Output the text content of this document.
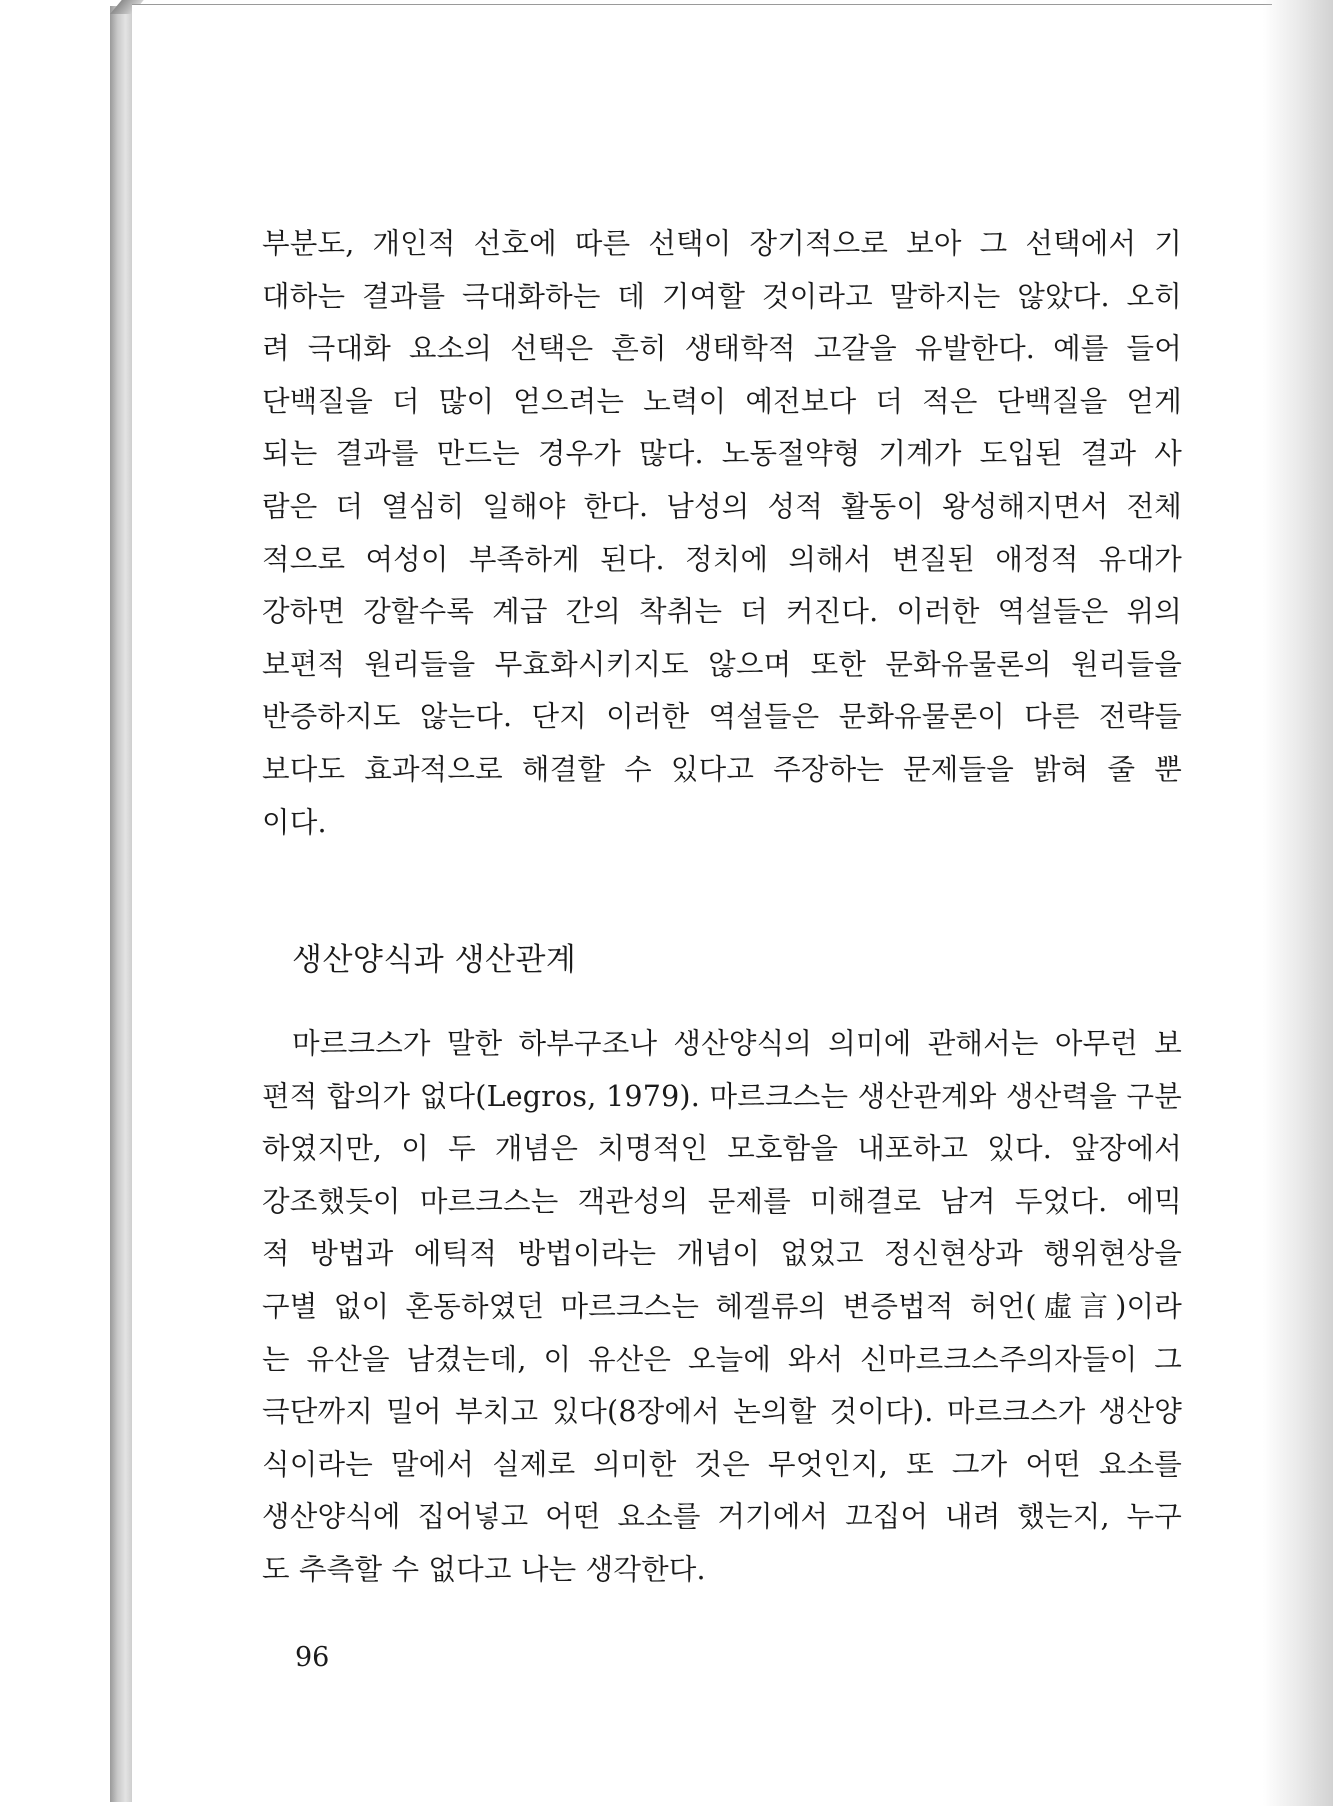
부분도, 개인적 선호에 따른 선택이 장기적으로 보아 그 선택에서 기
대하는 결과를 극대화하는 데 기여할 것이라고 말하지는 않았다. 오히
려 극대화 요소의 선택은 흔히 생태학적 고갈을 유발한다. 예를 들어
단백질을 더 많이 얻으려는 노력이 예전보다 더 적은 단백질을 얻게
되는 결과를 만드는 경우가 많다. 노동절약형 기계가 도입된 결과 사
람은 더 열심히 일해야 한다. 남성의 성적 활동이 왕성해지면서 전체
적으로 여성이 부족하게 된다. 정치에 의해서 변질된 애정적 유대가
강하면 강할수록 계급 간의 착취는 더 커진다. 이러한 역설들은 위의
보편적 원리들을 무효화시키지도 않으며 또한 문화유물론의 원리들을
반증하지도 않는다. 단지 이러한 역설들은 문화유물론이 다른 전략들
보다도 효과적으로 해결할 수 있다고 주장하는 문제들을 밝혀 줄 뿐
이다.
생산양식과 생산관계
마르크스가 말한 하부구조나 생산양식의 의미에 관해서는 아무런 보
편적 합의가 없다(Legros, 1979). 마르크스는 생산관계와 생산력을 구분
하였지만, 이 두 개념은 치명적인 모호함을 내포하고 있다. 앞장에서
강조했듯이 마르크스는 객관성의 문제를 미해결로 남겨 두었다. 에믹
적 방법과 에틱적 방법이라는 개념이 없었고 정신현상과 행위현상을
구별 없이 혼동하였던 마르크스는 헤겔류의 변증법적 허언(虛言)이라
는 유산을 남겼는데, 이 유산은 오늘에 와서 신마르크스주의자들이 그
극단까지 밀어 부치고 있다(8장에서 논의할 것이다). 마르크스가 생산양
식이라는 말에서 실제로 의미한 것은 무엇인지, 또 그가 어떤 요소를
생산양식에 집어넣고 어떤 요소를 거기에서 끄집어 내려 했는지, 누구
도 추측할 수 없다고 나는 생각한다.
96
